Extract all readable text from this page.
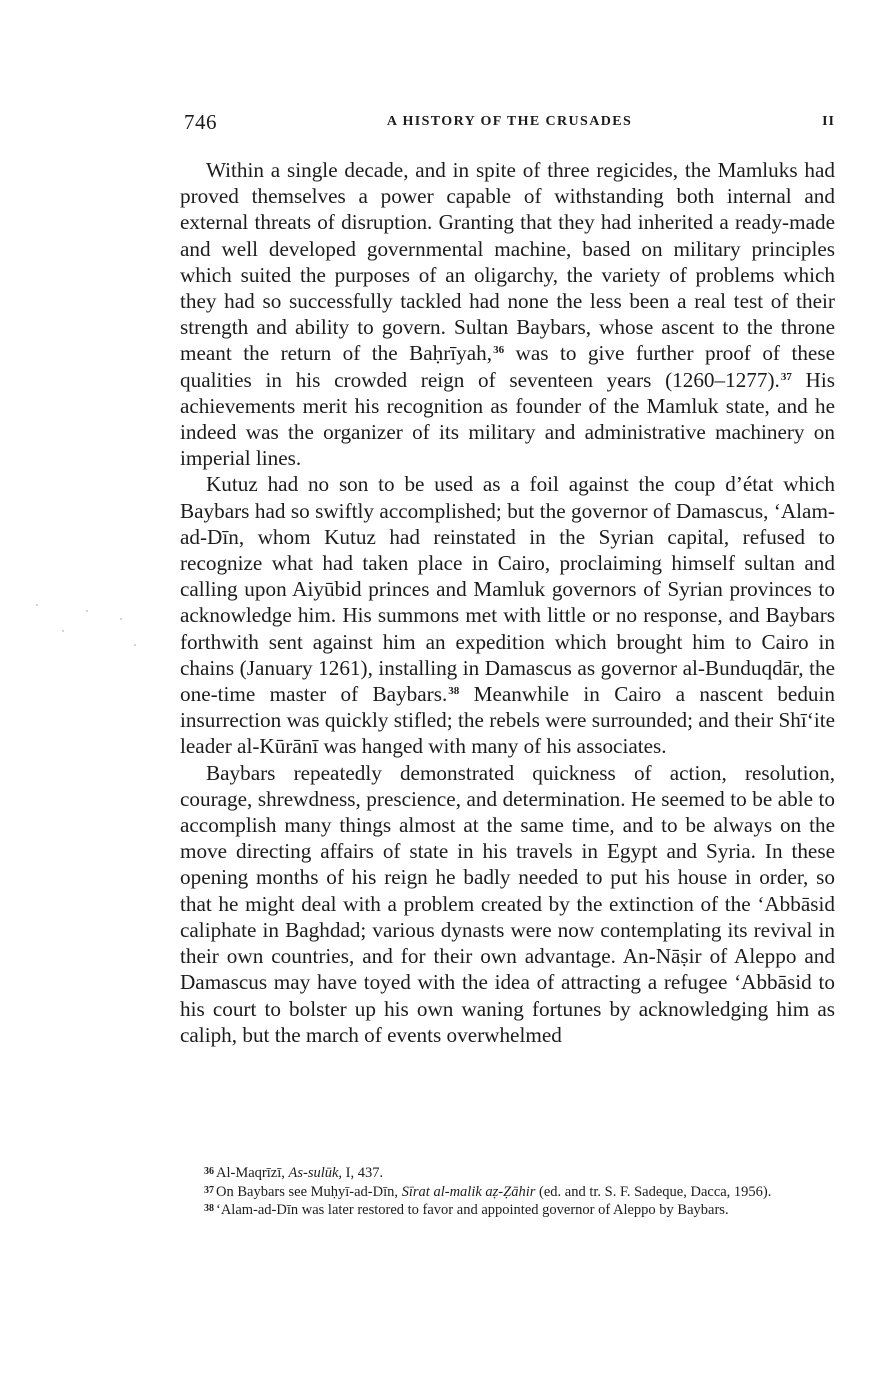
746	A HISTORY OF THE CRUSADES	II

Within a single decade, and in spite of three regicides, the Mamluks had proved themselves a power capable of withstanding both internal and external threats of disruption. Granting that they had inherited a ready-made and well developed governmental machine, based on military principles which suited the purposes of an oligarchy, the variety of problems which they had so successfully tackled had none the less been a real test of their strength and ability to govern. Sultan Baybars, whose ascent to the throne meant the return of the Baḥrīyah,$^{36}$ was to give further proof of these qualities in his crowded reign of seventeen years (1260–1277).$^{37}$ His achievements merit his recognition as founder of the Mamluk state, and he indeed was the organizer of its military and administrative machinery on imperial lines.

Kutuz had no son to be used as a foil against the coup d’état which Baybars had so swiftly accomplished; but the governor of Damascus, ‘Alam-ad-Dīn, whom Kutuz had reinstated in the Syrian capital, refused to recognize what had taken place in Cairo, proclaiming himself sultan and calling upon Aiyūbid princes and Mamluk governors of Syrian provinces to acknowledge him. His summons met with little or no response, and Baybars forthwith sent against him an expedition which brought him to Cairo in chains (January 1261), installing in Damascus as governor al-Bunduqdār, the one-time master of Baybars.$^{38}$ Meanwhile in Cairo a nascent beduin insurrection was quickly stifled; the rebels were surrounded; and their Shī‘ite leader al-Kūrānī was hanged with many of his associates.

Baybars repeatedly demonstrated quickness of action, resolution, courage, shrewdness, prescience, and determination. He seemed to be able to accomplish many things almost at the same time, and to be always on the move directing affairs of state in his travels in Egypt and Syria. In these opening months of his reign he badly needed to put his house in order, so that he might deal with a problem created by the extinction of the ‘Abbāsid caliphate in Baghdad; various dynasts were now contemplating its revival in their own countries, and for their own advantage. An-Nāṣir of Aleppo and Damascus may have toyed with the idea of attracting a refugee ‘Abbāsid to his court to bolster up his own waning fortunes by acknowledging him as caliph, but the march of events overwhelmed

$^{36}$ Al-Maqrīzī, As-sulūk, I, 437.

$^{37}$ On Baybars see Muḥyī-ad-Dīn, Sīrat al-malik aẓ-Ẓāhir (ed. and tr. S. F. Sadeque, Dacca, 1956).

$^{38}$ ‘Alam-ad-Dīn was later restored to favor and appointed governor of Aleppo by Baybars.
